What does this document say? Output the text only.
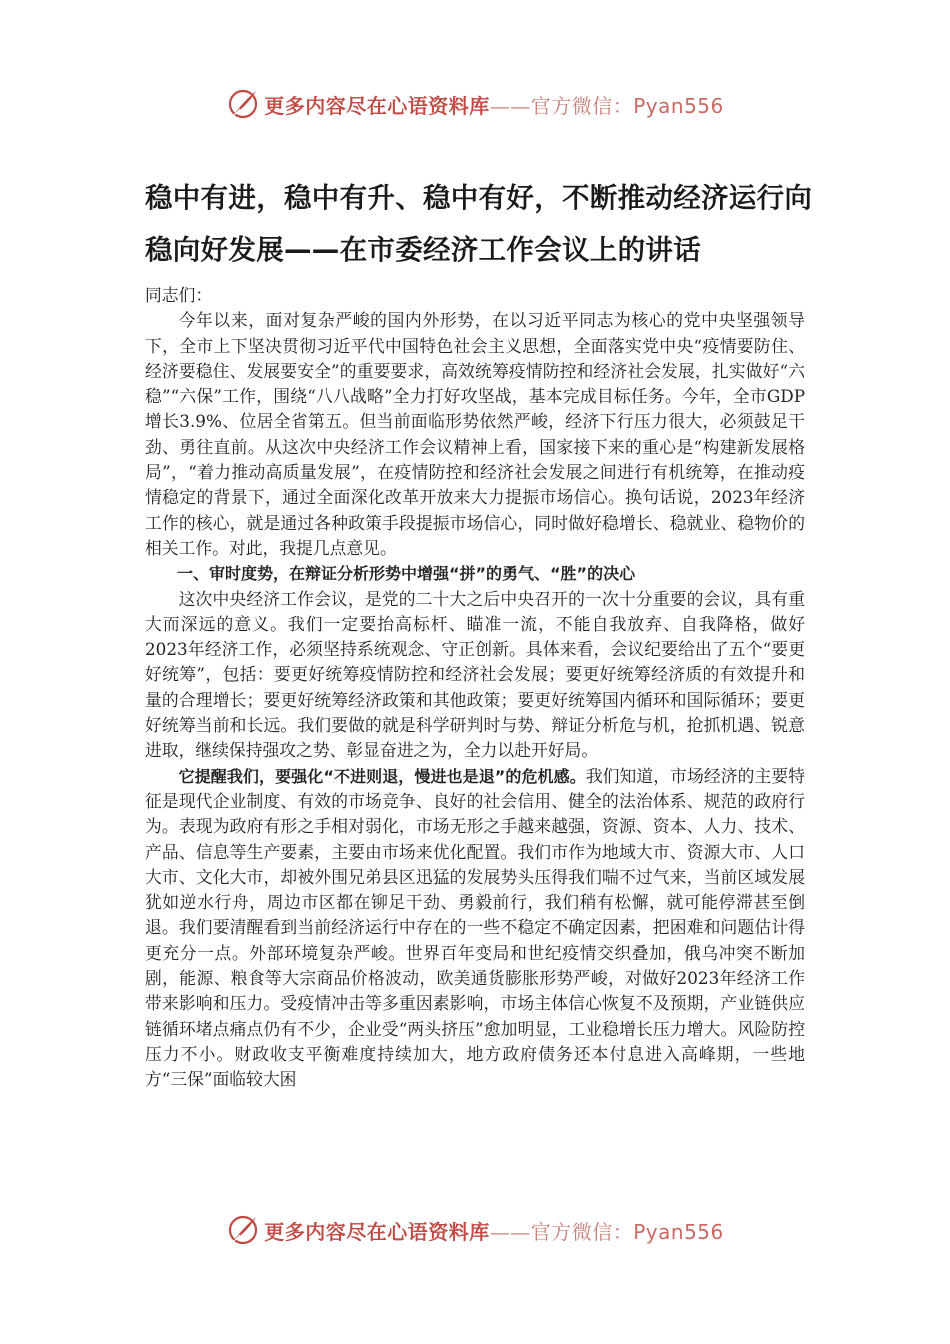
更多内容尽在心语资料库——官方微信：Pyan556
稳中有进，稳中有升、稳中有好，不断推动经济运行向稳向好发展——在市委经济工作会议上的讲话

同志们：

今年以来，面对复杂严峻的国内外形势，在以习近平同志为核心的党中央坚强领导下，全市上下坚决贯彻习近平代中国特色社会主义思想，全面落实党中央“疫情要防住、经济要稳住、发展要安全”的重要要求，高效统筹疫情防控和经济社会发展，扎实做好“六稳”“六保”工作，围绕“八八战略”全力打好攻坚战，基本完成目标任务。今年，全市GDP增长3.9%、位居全省第五。但当前面临形势依然严峻，经济下行压力很大，必须鼓足干劲、勇往直前。从这次中央经济工作会议精神上看，国家接下来的重心是“构建新发展格局”，“着力推动高质量发展”，在疫情防控和经济社会发展之间进行有机统筹，在推动疫情稳定的背景下，通过全面深化改革开放来大力提振市场信心。换句话说，2023年经济工作的核心，就是通过各种政策手段提振市场信心，同时做好稳增长、稳就业、稳物价的相关工作。对此，我提几点意见。

一、审时度势，在辩证分析形势中增强“拼”的勇气、“胜”的决心

这次中央经济工作会议，是党的二十大之后中央召开的一次十分重要的会议，具有重大而深远的意义。我们一定要抬高标杆、瞄准一流，不能自我放弃、自我降格，做好2023年经济工作，必须坚持系统观念、守正创新。具体来看，会议纪要给出了五个“要更好统筹”，包括：要更好统筹疫情防控和经济社会发展；要更好统筹经济质的有效提升和量的合理增长；要更好统筹经济政策和其他政策；要更好统筹国内循环和国际循环；要更好统筹当前和长远。我们要做的就是科学研判时与势、辩证分析危与机，抢抓机遇、锐意进取，继续保持强攻之势、彰显奋进之为，全力以赴开好局。

它提醒我们，要强化“不进则退，慢进也是退”的危机感。我们知道，市场经济的主要特征是现代企业制度、有效的市场竞争、良好的社会信用、健全的法治体系、规范的政府行为。表现为政府有形之手相对弱化，市场无形之手越来越强，资源、资本、人力、技术、产品、信息等生产要素，主要由市场来优化配置。我们市作为地域大市、资源大市、人口大市、文化大市，却被外围兄弟县区迅猛的发展势头压得我们喘不过气来，当前区域发展犹如逆水行舟，周边市区都在铆足干劲、勇毅前行，我们稍有松懈，就可能停滞甚至倒退。我们要清醒看到当前经济运行中存在的一些不稳定不确定因素，把困难和问题估计得更充分一点。外部环境复杂严峻。世界百年变局和世纪疫情交织叠加，俄乌冲突不断加剧，能源、粮食等大宗商品价格波动，欧美通货膨胀形势严峻，对做好2023年经济工作带来影响和压力。受疫情冲击等多重因素影响，市场主体信心恢复不及预期，产业链供应链循环堵点痛点仍有不少，企业受“两头挤压”愈加明显，工业稳增长压力增大。风险防控压力不小。财政收支平衡难度持续加大，地方政府债务还本付息进入高峰期，一些地方“三保”面临较大困

更多内容尽在心语资料库——官方微信：Pyan556
